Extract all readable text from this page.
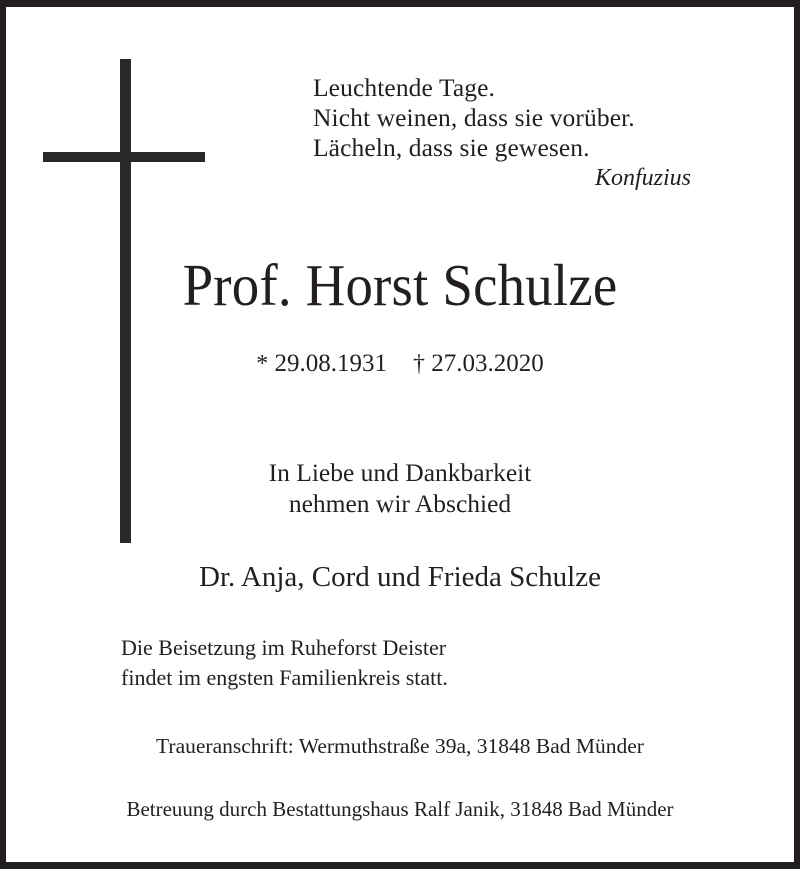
Leuchtende Tage.
Nicht weinen, dass sie vorüber.
Lächeln, dass sie gewesen.
Konfuzius
Prof. Horst Schulze
* 29.08.1931 † 27.03.2020
In Liebe und Dankbarkeit
nehmen wir Abschied
Dr. Anja, Cord und Frieda Schulze
Die Beisetzung im Ruheforst Deister
findet im engsten Familienkreis statt.
Traueranschrift: Wermuthstraße 39a, 31848 Bad Münder
Betreuung durch Bestattungshaus Ralf Janik, 31848 Bad Münder
